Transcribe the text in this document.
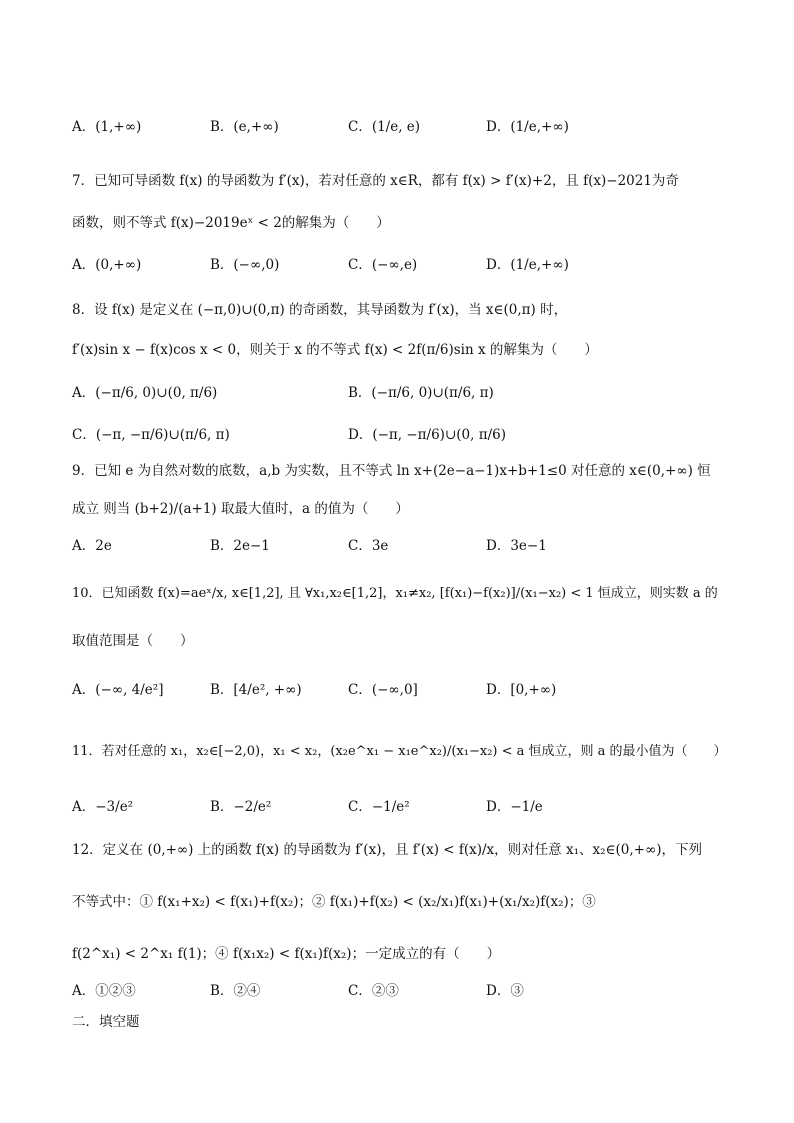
A．(1,+∞)	B．(e,+∞)	C．(1/e, e)	D．(1/e,+∞)
7．已知可导函数 f(x) 的导函数为 f′(x)，若对任意的 x∈R，都有 f(x) > f′(x)+2，且 f(x)−2021为奇
函数，则不等式 f(x)−2019eˣ < 2的解集为（　　）
A．(0,+∞)	B．(−∞,0)	C．(−∞,e)	D．(1/e,+∞)
8．设 f(x) 是定义在 (−π,0)∪(0,π) 的奇函数，其导函数为 f′(x)，当 x∈(0,π) 时，
f′(x)sin x − f(x)cos x < 0，则关于 x 的不等式 f(x) < 2f(π/6)sin x 的解集为（　　）
A．(−π/6, 0)∪(0, π/6)	B．(−π/6, 0)∪(π/6, π)
C．(−π, −π/6)∪(π/6, π)	D．(−π, −π/6)∪(0, π/6)
9．已知 e 为自然对数的底数，a,b 为实数，且不等式 ln x+(2e−a−1)x+b+1≤0 对任意的 x∈(0,+∞) 恒
成立 则当 (b+2)/(a+1) 取最大值时，a 的值为（　　）
A．2e	B．2e−1	C．3e	D．3e−1
10．已知函数 f(x)=aeˣ/x, x∈[1,2], 且 ∀x₁,x₂∈[1,2]，x₁≠x₂, [f(x₁)−f(x₂)]/(x₁−x₂) < 1 恒成立，则实数 a 的
取值范围是（　　）
A．(−∞, 4/e²]	B．[4/e², +∞)	C．(−∞,0]	D．[0,+∞)
11．若对任意的 x₁，x₂∈[−2,0)，x₁ < x₂，(x₂e^x₁ − x₁e^x₂)/(x₁−x₂) < a 恒成立，则 a 的最小值为（　　）
A．−3/e²	B．−2/e²	C．−1/e²	D．−1/e
12．定义在 (0,+∞) 上的函数 f(x) 的导函数为 f′(x)，且 f′(x) < f(x)/x，则对任意 x₁、x₂∈(0,+∞)，下列
不等式中：① f(x₁+x₂) < f(x₁)+f(x₂)；② f(x₁)+f(x₂) < (x₂/x₁)f(x₁)+(x₁/x₂)f(x₂)；③
f(2^x₁) < 2^x₁ f(1)；④ f(x₁x₂) < f(x₁)f(x₂)；一定成立的有（　　）
A．①②③	B．②④	C．②③	D．③
二．填空题
